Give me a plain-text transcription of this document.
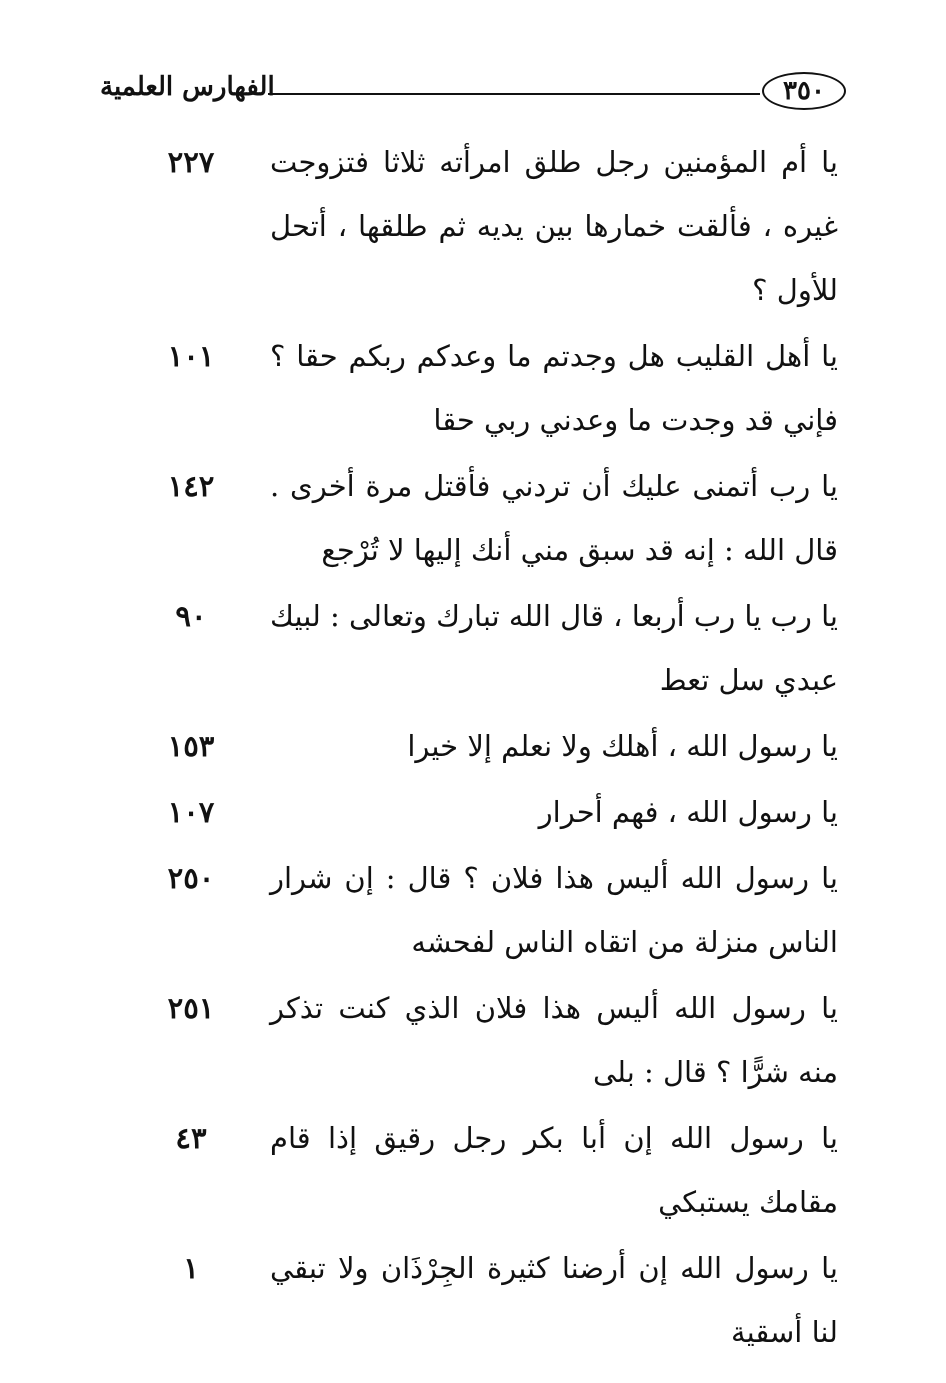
الفهارس العلمية	٣٥٠
٢٢٧	يا أم المؤمنين رجل طلق امرأته ثلاثا فتزوجت غيره ، فألقت خمارها بين يديه ثم طلقها ، أتحل للأول ؟
١٠١	يا أهل القليب هل وجدتم ما وعدكم ربكم حقا ؟ فإني قد وجدت ما وعدني ربي حقا
١٤٢	يا رب أتمنى عليك أن تردني فأقتل مرة أخرى . قال الله : إنه قد سبق مني أنك إليها لا تُرْجع
٩٠	يا رب يا رب أربعا ، قال الله تبارك وتعالى : لبيك عبدي سل تعط
١٥٣	يا رسول الله ، أهلك ولا نعلم إلا خيرا
١٠٧	يا رسول الله ، فهم أحرار
٢٥٠	يا رسول الله أليس هذا فلان ؟ قال : إن شرار الناس منزلة من اتقاه الناس لفحشه
٢٥١	يا رسول الله أليس هذا فلان الذي كنت تذكر منه شرًّا ؟ قال : بلى
٤٣	يا رسول الله إن أبا بكر رجل رقيق إذا قام مقامك يستبكي
١	يا رسول الله إن أرضنا كثيرة الجِرْذَان ولا تبقي لنا أسقية
